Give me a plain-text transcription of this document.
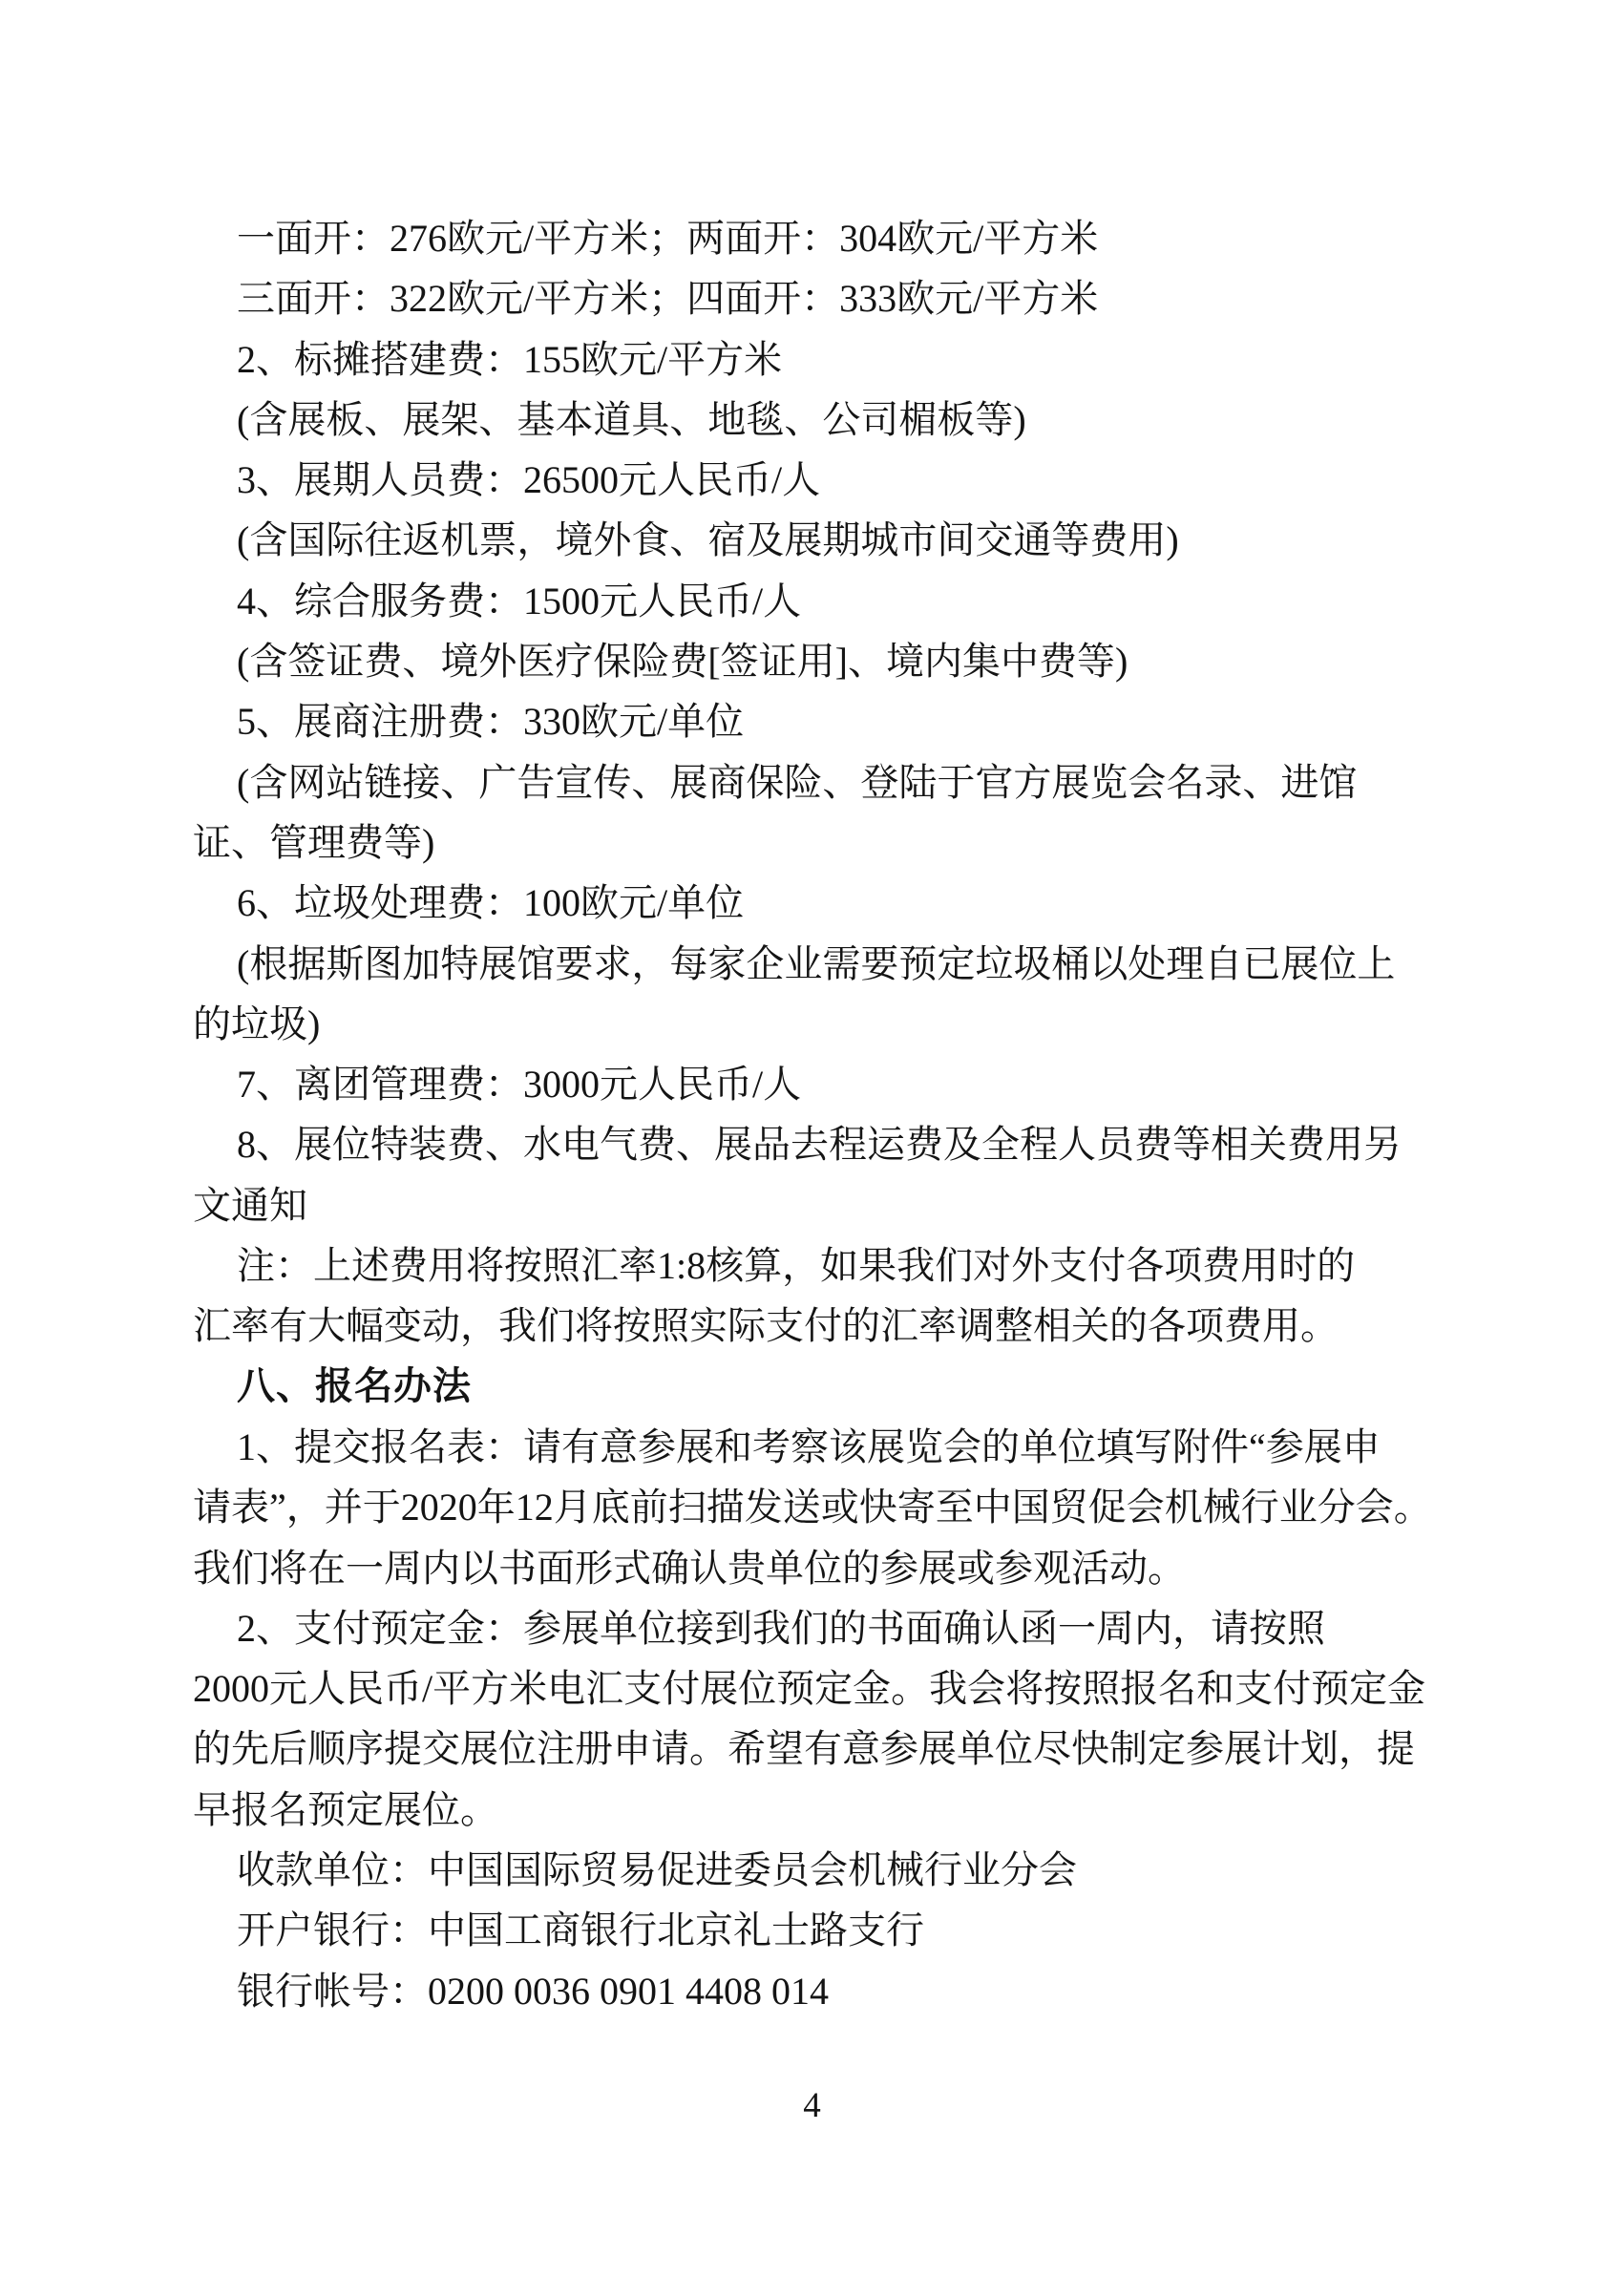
一面开：276欧元/平方米；两面开：304欧元/平方米
三面开：322欧元/平方米；四面开：333欧元/平方米
2、标摊搭建费：155欧元/平方米
(含展板、展架、基本道具、地毯、公司楣板等)
3、展期人员费：26500元人民币/人
(含国际往返机票，境外食、宿及展期城市间交通等费用)
4、综合服务费：1500元人民币/人
(含签证费、境外医疗保险费[签证用]、境内集中费等)
5、展商注册费：330欧元/单位
(含网站链接、广告宣传、展商保险、登陆于官方展览会名录、进馆
证、管理费等)
6、垃圾处理费：100欧元/单位
(根据斯图加特展馆要求，每家企业需要预定垃圾桶以处理自已展位上
的垃圾)
7、离团管理费：3000元人民币/人
8、展位特装费、水电气费、展品去程运费及全程人员费等相关费用另
文通知
注：上述费用将按照汇率1:8核算，如果我们对外支付各项费用时的
汇率有大幅变动，我们将按照实际支付的汇率调整相关的各项费用。
八、报名办法
1、提交报名表：请有意参展和考察该展览会的单位填写附件“参展申
请表”，并于2020年12月底前扫描发送或快寄至中国贸促会机械行业分会。
我们将在一周内以书面形式确认贵单位的参展或参观活动。
2、支付预定金：参展单位接到我们的书面确认函一周内，请按照
2000元人民币/平方米电汇支付展位预定金。我会将按照报名和支付预定金
的先后顺序提交展位注册申请。希望有意参展单位尽快制定参展计划，提
早报名预定展位。
收款单位：中国国际贸易促进委员会机械行业分会
开户银行：中国工商银行北京礼士路支行
银行帐号：0200 0036 0901 4408 014
4
